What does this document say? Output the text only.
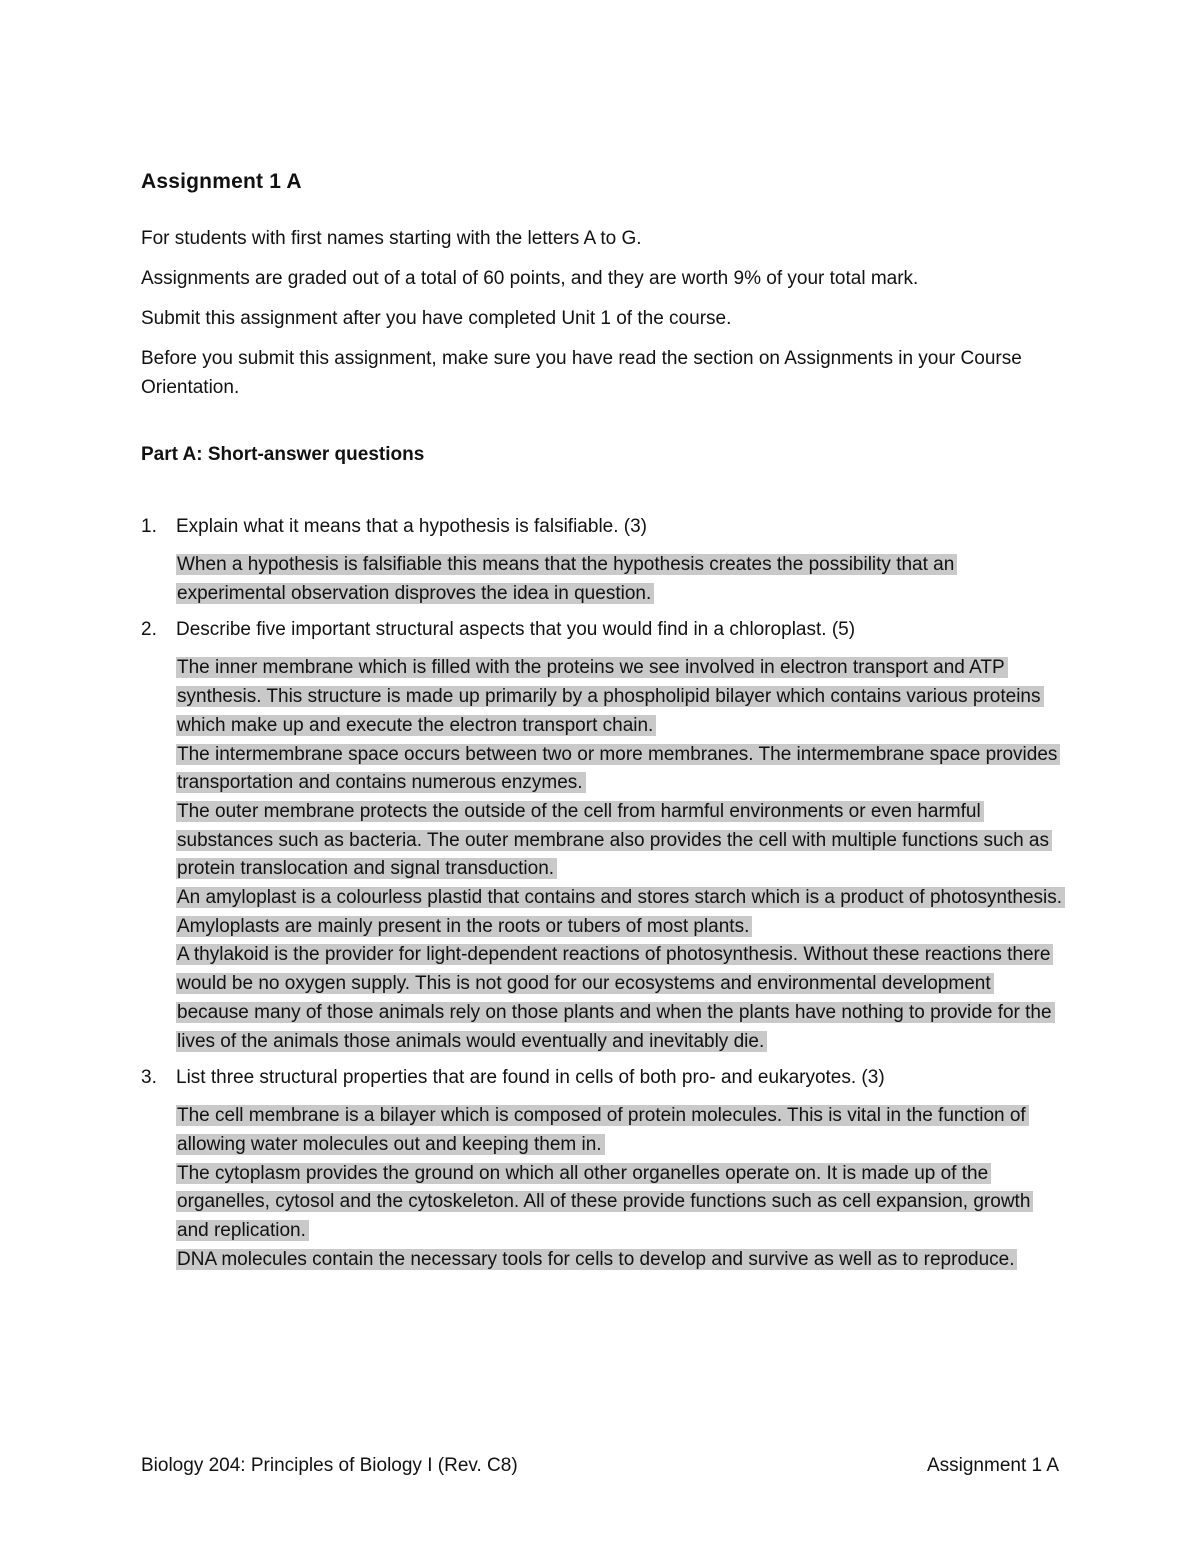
Assignment 1 A

For students with first names starting with the letters A to G.

Assignments are graded out of a total of 60 points, and they are worth 9% of your total mark.

Submit this assignment after you have completed Unit 1 of the course.

Before you submit this assignment, make sure you have read the section on Assignments in your Course Orientation.

Part A: Short-answer questions
1. Explain what it means that a hypothesis is falsifiable. (3)

When a hypothesis is falsifiable this means that the hypothesis creates the possibility that an experimental observation disproves the idea in question.
2. Describe five important structural aspects that you would find in a chloroplast. (5)

The inner membrane which is filled with the proteins we see involved in electron transport and ATP synthesis. This structure is made up primarily by a phospholipid bilayer which contains various proteins which make up and execute the electron transport chain.
The intermembrane space occurs between two or more membranes. The intermembrane space provides transportation and contains numerous enzymes.
The outer membrane protects the outside of the cell from harmful environments or even harmful substances such as bacteria. The outer membrane also provides the cell with multiple functions such as protein translocation and signal transduction.
An amyloplast is a colourless plastid that contains and stores starch which is a product of photosynthesis. Amyloplasts are mainly present in the roots or tubers of most plants.
A thylakoid is the provider for light-dependent reactions of photosynthesis. Without these reactions there would be no oxygen supply. This is not good for our ecosystems and environmental development because many of those animals rely on those plants and when the plants have nothing to provide for the lives of the animals those animals would eventually and inevitably die.
3. List three structural properties that are found in cells of both pro- and eukaryotes. (3)

The cell membrane is a bilayer which is composed of protein molecules. This is vital in the function of allowing water molecules out and keeping them in.
The cytoplasm provides the ground on which all other organelles operate on. It is made up of the organelles, cytosol and the cytoskeleton. All of these provide functions such as cell expansion, growth and replication.
DNA molecules contain the necessary tools for cells to develop and survive as well as to reproduce.
Biology 204: Principles of Biology I (Rev. C8)	Assignment 1 A
